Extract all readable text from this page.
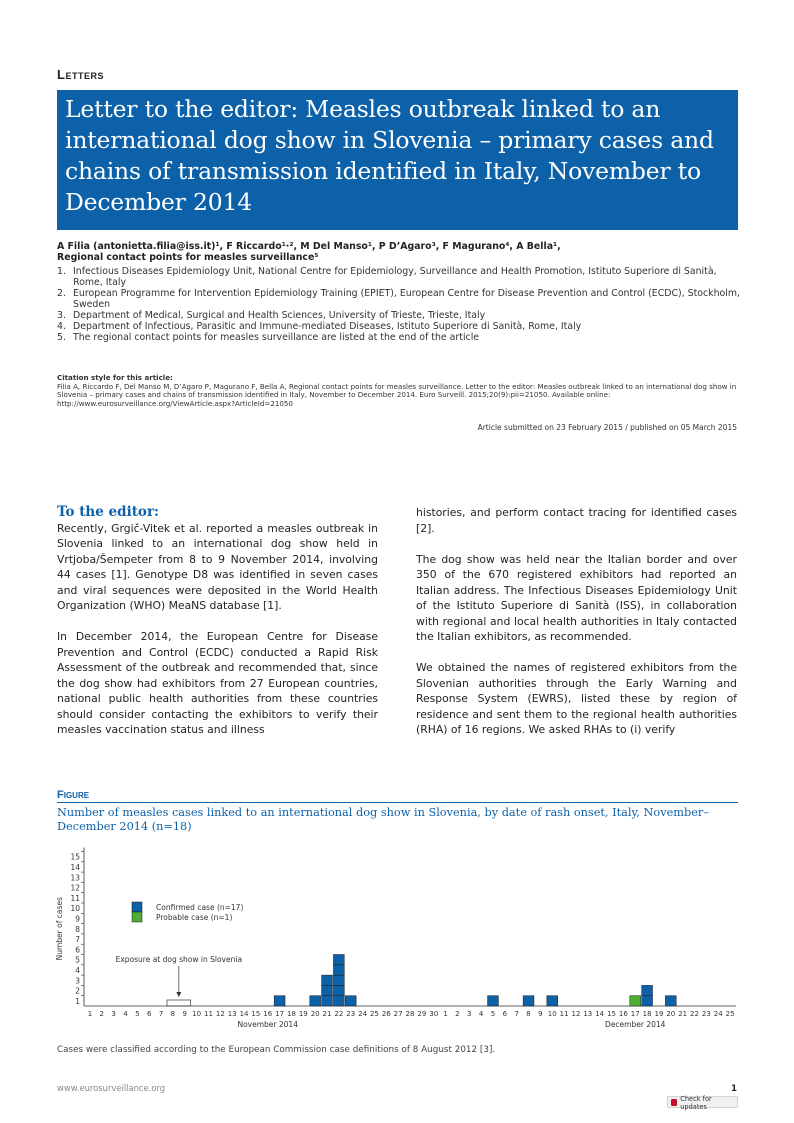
Letters
Letter to the editor: Measles outbreak linked to an international dog show in Slovenia – primary cases and chains of transmission identified in Italy, November to December 2014
A Filia (antonietta.filia@iss.it)¹, F Riccardo¹·², M Del Manso¹, P D’Agaro³, F Magurano⁴, A Bella¹,
Regional contact points for measles surveillance⁵
1. Infectious Diseases Epidemiology Unit, National Centre for Epidemiology, Surveillance and Health Promotion, Istituto Superiore di Sanità, Rome, Italy
2. European Programme for Intervention Epidemiology Training (EPIET), European Centre for Disease Prevention and Control (ECDC), Stockholm, Sweden
3. Department of Medical, Surgical and Health Sciences, University of Trieste, Trieste, Italy
4. Department of Infectious, Parasitic and Immune-mediated Diseases, Istituto Superiore di Sanità, Rome, Italy
5. The regional contact points for measles surveillance are listed at the end of the article
Citation style for this article:
Filia A, Riccardo F, Del Manso M, D’Agaro P, Magurano F, Bella A, Regional contact points for measles surveillance. Letter to the editor: Measles outbreak linked to an international dog show in Slovenia – primary cases and chains of transmission identified in Italy, November to December 2014. Euro Surveill. 2015;20(9):pii=21050. Available online: http://www.eurosurveillance.org/ViewArticle.aspx?ArticleId=21050
Article submitted on 23 February 2015 / published on 05 March 2015
To the editor:

Recently, Grgič-Vitek et al. reported a measles outbreak in Slovenia linked to an international dog show held in Vrtjoba/Šempeter from 8 to 9 November 2014, involving 44 cases [1]. Genotype D8 was identified in seven cases and viral sequences were deposited in the World Health Organization (WHO) MeaNS database [1].

In December 2014, the European Centre for Disease Prevention and Control (ECDC) conducted a Rapid Risk Assessment of the outbreak and recommended that, since the dog show had exhibitors from 27 European countries, national public health authorities from these countries should consider contacting the exhibitors to verify their measles vaccination status and illness

histories, and perform contact tracing for identified cases [2].

The dog show was held near the Italian border and over 350 of the 670 registered exhibitors had reported an Italian address. The Infectious Diseases Epidemiology Unit of the Istituto Superiore di Sanità (ISS), in collaboration with regional and local health authorities in Italy contacted the Italian exhibitors, as recommended.

We obtained the names of registered exhibitors from the Slovenian authorities through the Early Warning and Response System (EWRS), listed these by region of residence and sent them to the regional health authorities (RHA) of 16 regions. We asked RHAs to (i) verify

Figure
Number of measles cases linked to an international dog show in Slovenia, by date of rash onset, Italy, November–December 2014 (n=18)
1
2
3
4
5
6
7
8
9
10
11
12
13
14
15
Number of cases
1 2 3 4 5 6 7 8 9 10 11 12 13 14 15 16 17 18 19 20 21 22 23 24 25 26 27 28 29 30 1 2 3 4 5 6 7 8 9 10 11 12 13 14 15 16 17 18 19 20 21 22 23 24 25
November 2014	December 2014
Confirmed case (n=17)
Probable case (n=1)
Exposure at dog show in Slovenia
Cases were classified according to the European Commission case definitions of 8 August 2012 [3].
www.eurosurveillance.org	1
Check for updates
